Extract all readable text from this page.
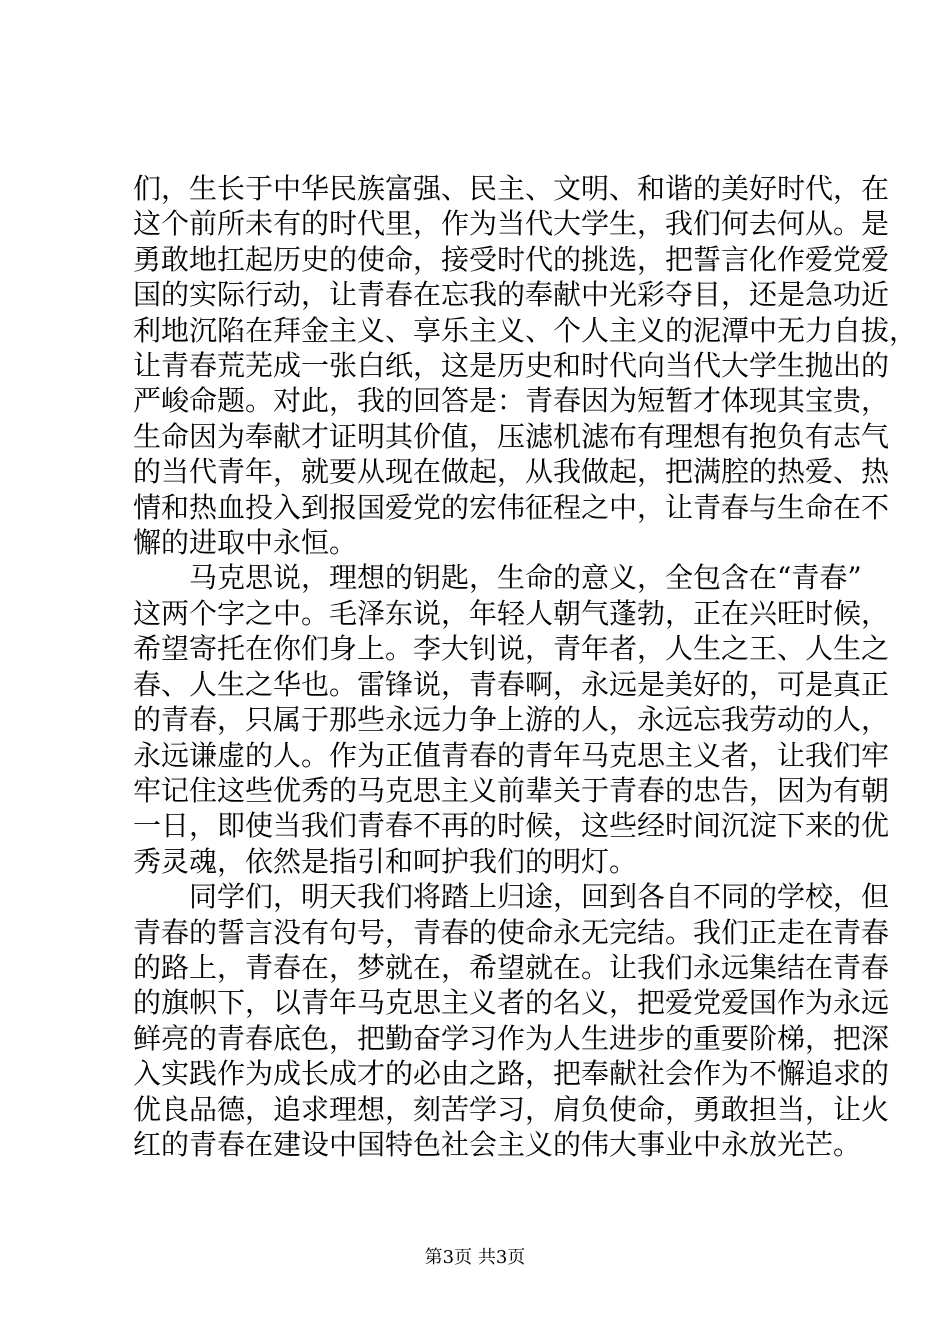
们，生长于中华民族富强、民主、文明、和谐的美好时代，在
这个前所未有的时代里，作为当代大学生，我们何去何从。是
勇敢地扛起历史的使命，接受时代的挑选，把誓言化作爱党爱
国的实际行动，让青春在忘我的奉献中光彩夺目，还是急功近
利地沉陷在拜金主义、享乐主义、个人主义的泥潭中无力自拔，
让青春荒芜成一张白纸，这是历史和时代向当代大学生抛出的
严峻命题。对此，我的回答是：青春因为短暂才体现其宝贵，
生命因为奉献才证明其价值，压滤机滤布有理想有抱负有志气
的当代青年，就要从现在做起，从我做起，把满腔的热爱、热
情和热血投入到报国爱党的宏伟征程之中，让青春与生命在不
懈的进取中永恒。
马克思说，理想的钥匙，生命的意义，全包含在“青春”
这两个字之中。毛泽东说，年轻人朝气蓬勃，正在兴旺时候，
希望寄托在你们身上。李大钊说，青年者，人生之王、人生之
春、人生之华也。雷锋说，青春啊，永远是美好的，可是真正
的青春，只属于那些永远力争上游的人，永远忘我劳动的人，
永远谦虚的人。作为正值青春的青年马克思主义者，让我们牢
牢记住这些优秀的马克思主义前辈关于青春的忠告，因为有朝
一日，即使当我们青春不再的时候，这些经时间沉淀下来的优
秀灵魂，依然是指引和呵护我们的明灯。
同学们，明天我们将踏上归途，回到各自不同的学校，但
青春的誓言没有句号，青春的使命永无完结。我们正走在青春
的路上，青春在，梦就在，希望就在。让我们永远集结在青春
的旗帜下，以青年马克思主义者的名义，把爱党爱国作为永远
鲜亮的青春底色，把勤奋学习作为人生进步的重要阶梯，把深
入实践作为成长成才的必由之路，把奉献社会作为不懈追求的
优良品德，追求理想，刻苦学习，肩负使命，勇敢担当，让火
红的青春在建设中国特色社会主义的伟大事业中永放光芒。
第3页 共3页
